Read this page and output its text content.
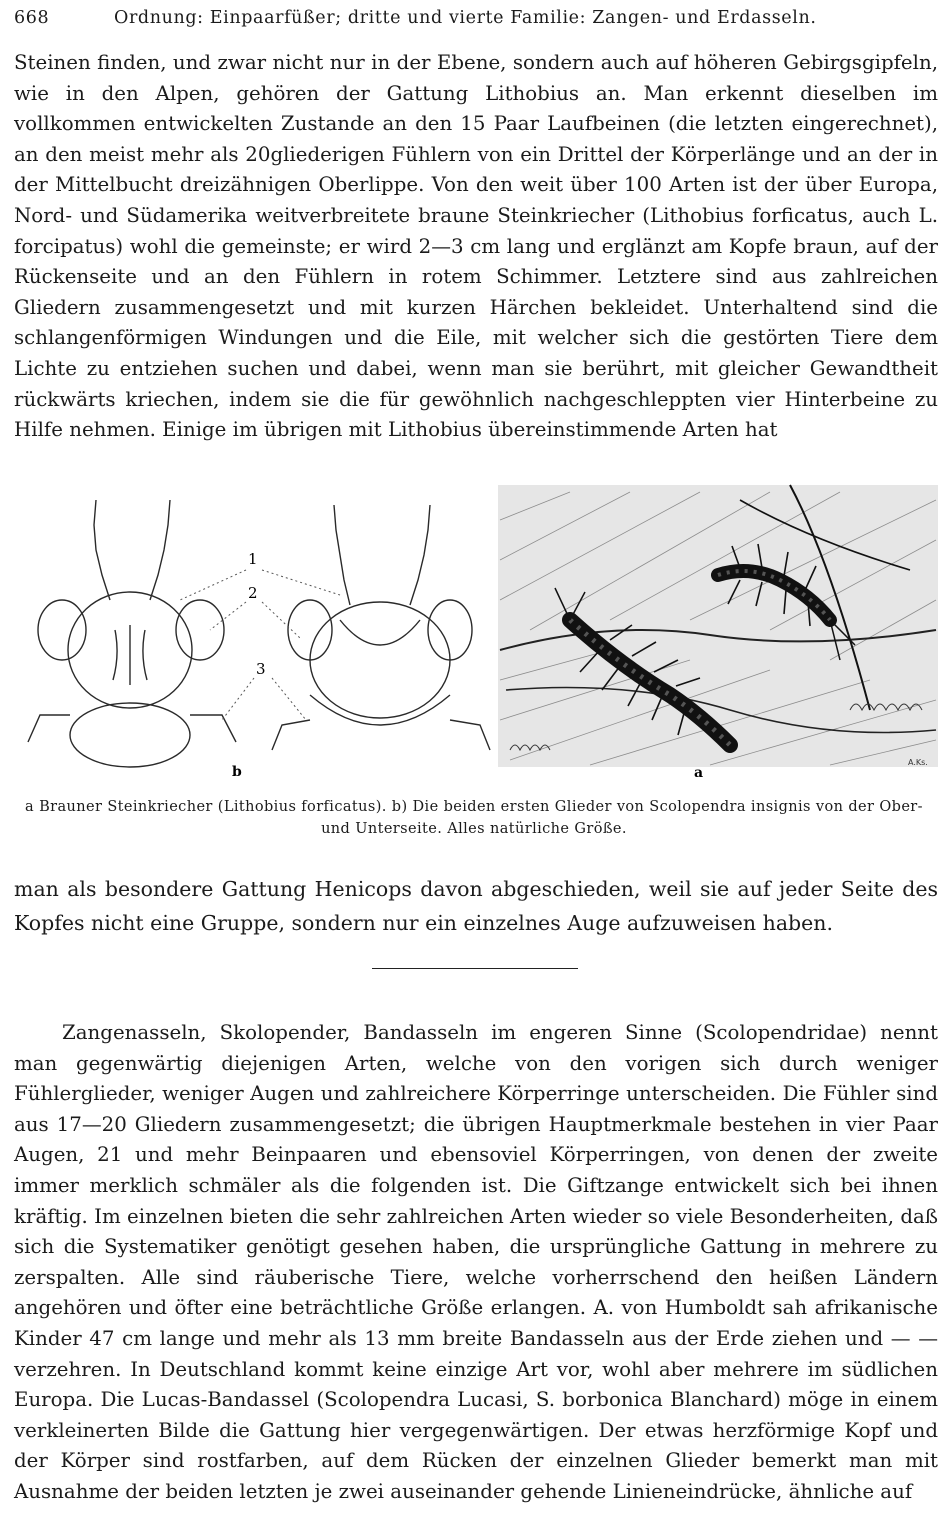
668	Ordnung: Einpaarfüßer; dritte und vierte Familie: Zangen- und Erdasseln.

Steinen finden, und zwar nicht nur in der Ebene, sondern auch auf höheren Gebirgsgipfeln, wie in den Alpen, gehören der Gattung Lithobius an. Man erkennt dieselben im vollkommen entwickelten Zustande an den 15 Paar Laufbeinen (die letzten eingerechnet), an den meist mehr als 20gliederigen Fühlern von ein Drittel der Körperlänge und an der in der Mittelbucht dreizähnigen Oberlippe. Von den weit über 100 Arten ist der über Europa, Nord- und Südamerika weitverbreitete braune Steinkriecher (Lithobius forficatus, auch L. forcipatus) wohl die gemeinste; er wird 2—3 cm lang und erglänzt am Kopfe braun, auf der Rückenseite und an den Fühlern in rotem Schimmer. Letztere sind aus zahlreichen Gliedern zusammengesetzt und mit kurzen Härchen bekleidet. Unterhaltend sind die schlangenförmigen Windungen und die Eile, mit welcher sich die gestörten Tiere dem Lichte zu entziehen suchen und dabei, wenn man sie berührt, mit gleicher Gewandtheit rückwärts kriechen, indem sie die für gewöhnlich nachgeschleppten vier Hinterbeine zu Hilfe nehmen. Einige im übrigen mit Lithobius übereinstimmende Arten hat

1
2
3
b
A.Ks.
a
a Brauner Steinkriecher (Lithobius forficatus). b) Die beiden ersten Glieder von Scolopendra insignis von der Ober- und Unterseite. Alles natürliche Größe.

man als besondere Gattung Henicops davon abgeschieden, weil sie auf jeder Seite des Kopfes nicht eine Gruppe, sondern nur ein einzelnes Auge aufzuweisen haben.

Zangenasseln, Skolopender, Bandasseln im engeren Sinne (Scolopendridae) nennt man gegenwärtig diejenigen Arten, welche von den vorigen sich durch weniger Fühlerglieder, weniger Augen und zahlreichere Körperringe unterscheiden. Die Fühler sind aus 17—20 Gliedern zusammengesetzt; die übrigen Hauptmerkmale bestehen in vier Paar Augen, 21 und mehr Beinpaaren und ebensoviel Körperringen, von denen der zweite immer merklich schmäler als die folgenden ist. Die Giftzange entwickelt sich bei ihnen kräftig. Im einzelnen bieten die sehr zahlreichen Arten wieder so viele Besonderheiten, daß sich die Systematiker genötigt gesehen haben, die ursprüngliche Gattung in mehrere zu zerspalten. Alle sind räuberische Tiere, welche vorherrschend den heißen Ländern angehören und öfter eine beträchtliche Größe erlangen. A. von Humboldt sah afrikanische Kinder 47 cm lange und mehr als 13 mm breite Bandasseln aus der Erde ziehen und — — verzehren. In Deutschland kommt keine einzige Art vor, wohl aber mehrere im südlichen Europa. Die Lucas-Bandassel (Scolopendra Lucasi, S. borbonica Blanchard) möge in einem verkleinerten Bilde die Gattung hier vergegenwärtigen. Der etwas herzförmige Kopf und der Körper sind rostfarben, auf dem Rücken der einzelnen Glieder bemerkt man mit Ausnahme der beiden letzten je zwei auseinander gehende Linieneindrücke, ähnliche auf
